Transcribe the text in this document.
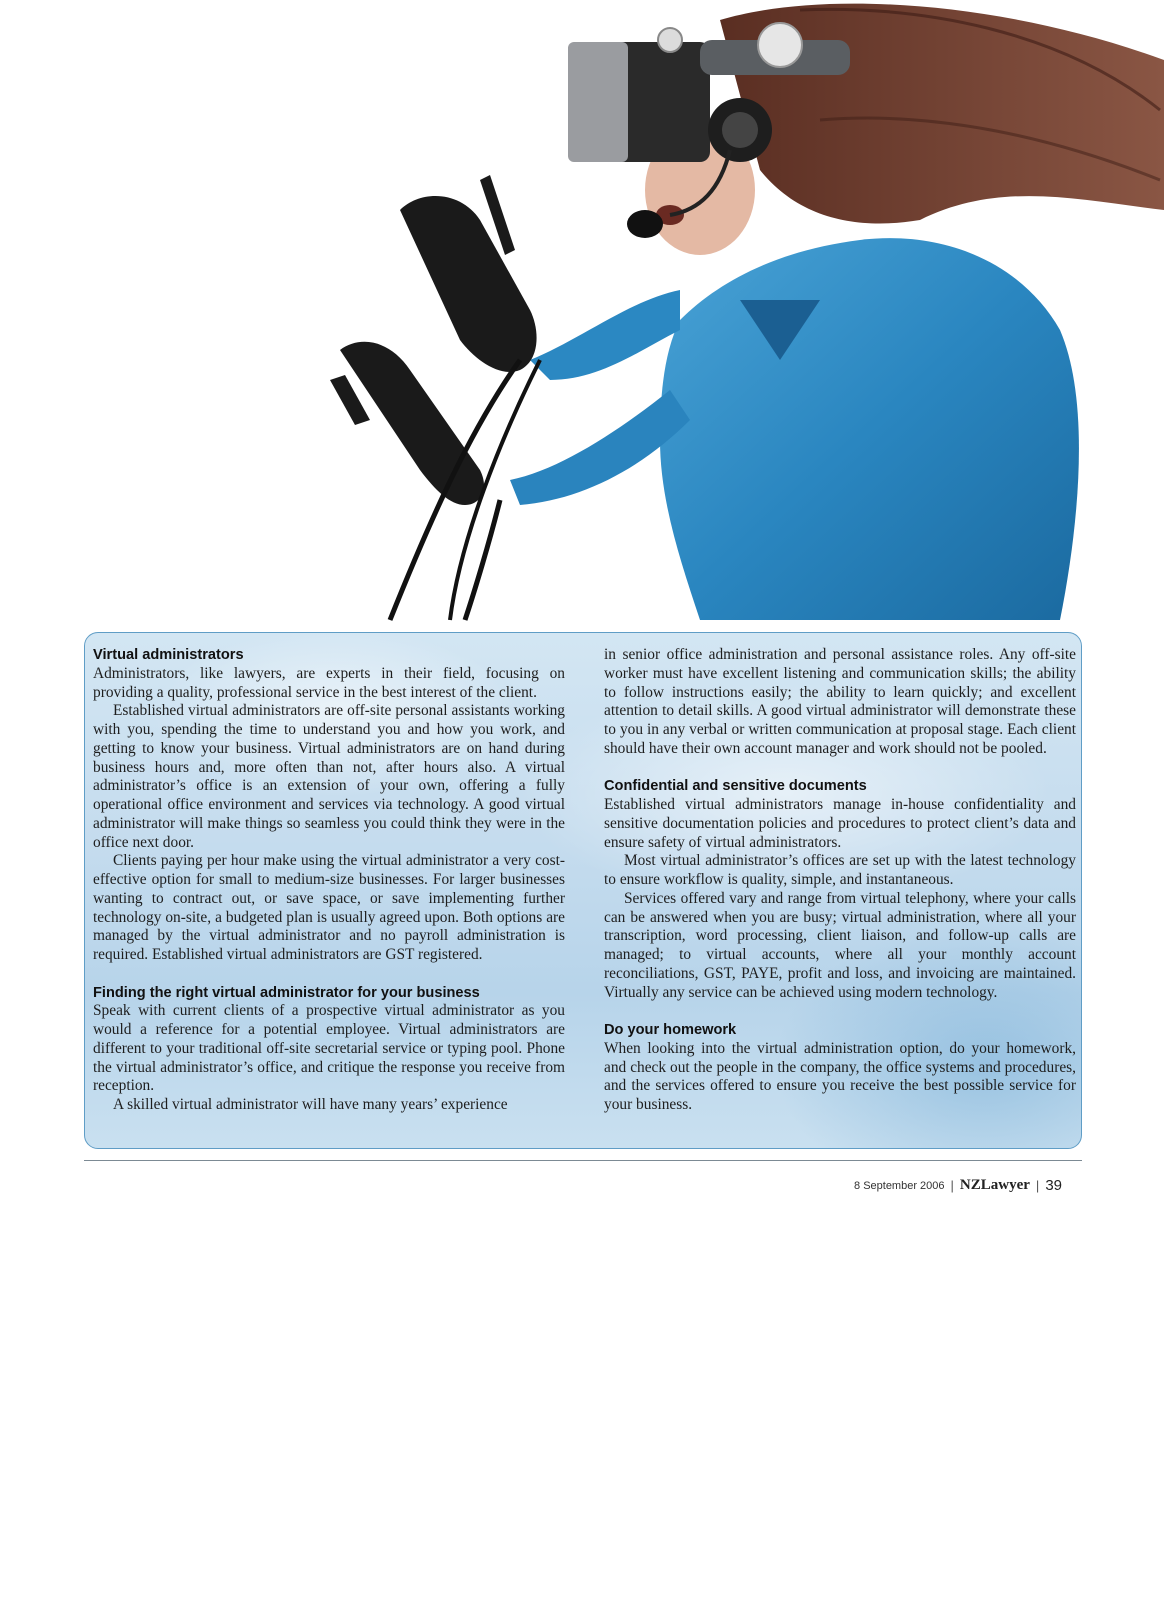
Virtual administrators

Administrators, like lawyers, are experts in their field, focusing on providing a quality, professional service in the best interest of the client.

Established virtual administrators are off-site personal assistants working with you, spending the time to understand you and how you work, and getting to know your business. Virtual administrators are on hand during business hours and, more often than not, after hours also. A virtual administrator’s office is an extension of your own, offering a fully operational office environment and services via technology. A good virtual administrator will make things so seamless you could think they were in the office next door.

Clients paying per hour make using the virtual administrator a very cost-effective option for small to medium-size businesses. For larger businesses wanting to contract out, or save space, or save implementing further technology on-site, a budgeted plan is usually agreed upon. Both options are managed by the virtual administrator and no payroll administration is required. Established virtual administrators are GST registered.

Finding the right virtual administrator for your business

Speak with current clients of a prospective virtual administrator as you would a reference for a potential employee. Virtual administrators are different to your traditional off-site secretarial service or typing pool. Phone the virtual administrator’s office, and critique the response you receive from reception.

A skilled virtual administrator will have many years’ experience

in senior office administration and personal assistance roles. Any off-site worker must have excellent listening and communication skills; the ability to follow instructions easily; the ability to learn quickly; and excellent attention to detail skills. A good virtual administrator will demonstrate these to you in any verbal or written communication at proposal stage. Each client should have their own account manager and work should not be pooled.

Confidential and sensitive documents

Established virtual administrators manage in-house confidentiality and sensitive documentation policies and procedures to protect client’s data and ensure safety of virtual administrators.

Most virtual administrator’s offices are set up with the latest technology to ensure workflow is quality, simple, and instantaneous.

Services offered vary and range from virtual telephony, where your calls can be answered when you are busy; virtual administration, where all your transcription, word processing, client liaison, and follow-up calls are managed; to virtual accounts, where all your monthly account reconciliations, GST, PAYE, profit and loss, and invoicing are maintained. Virtually any service can be achieved using modern technology.

Do your homework

When looking into the virtual administration option, do your homework, and check out the people in the company, the office systems and procedures, and the services offered to ensure you receive the best possible service for your business.

8 September 2006 | NZLawyer | 39
